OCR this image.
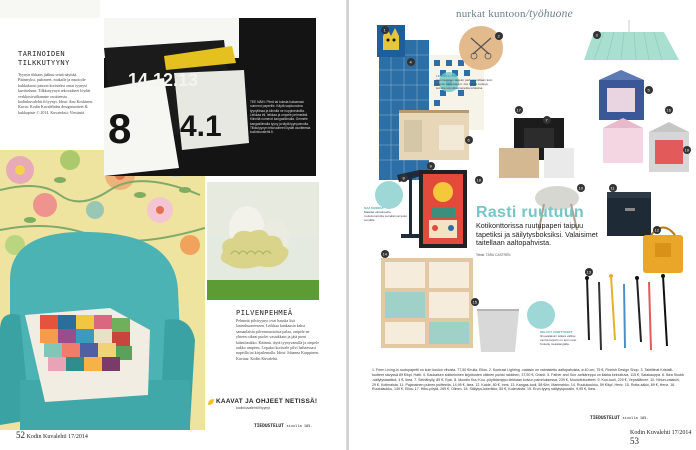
TARINOIDEN
TILKKUTYYNY
Tyynyn tikkaus jääkuu seinä näyttää. Päärmyksi, päärmeet, mukaile ja muotoile kukkakuosi pinoon koristeksi omat tyynysi kuvitteluun. Tilkkutyynyn tekovaiheet löydät verkkosivuiltamme osoitteesta kodinkuvalehti.fi/tyynyt. Ideat: Anu Koskinen. Kuvat: Kodin Kuvalehden designtuotteet & kukkapiste © 2014. Kuvateksti: Viestintä.
14.12.13
8 4.1
TEE NÄIN: Piirrä tai tulosta haluamasi numerot paperille. Käytä sapluunoina tyynyliinaa ja kiinnitä ne nuppineuloilla. Leikkaa irti, leikkaa ja ompele pehmeästi. Kiinnitä numerot kangasliimalla. Ommele kangasliimalla tyyny ja täytä tyynyvanulla. Tilkkutyynyn tekovaiheet löydät osoitteesta kodinkuvalehti.fi.
PILVENPEHMEÄ
Pehmeät pilvityynyt ovat hauska lisä lastenhuoneeseen. Leikkaa kankaasta kaksi samanlaista pilvenmuotoista palaa, ompele ne yhteen oikeat puolet vastakkain ja jätä pieni kääntöaukko. Käännä, täytä tyynyvanulla ja ompele aukko umpeen. Lopuksi koristele pilvi halutessasi napeilla tai kirjailemalla. Ideat: Johanna Karppinen. Kuvaus: Kodin Kuvalehti.
KAAVAT JA OHJEET NETISSÄ!
kodinkuvalehti.fi/tyynyt
TIEDUSTELUT sivulla 105.
52 Kodin Kuvalehti 17/2014
nurkat kuntoon/työhuone
1
2	3
4
5
6
7
8
9
10	11
12
13
14
15
16
17
18
19
LEIKKAA ITSE
Geometrinen tapetin parhaimmillaan kuin kaunis ruutupaperi. Jos haluat ruutuja, kokeile kiinnittää tapettia lohkoina.
SAA NOKKIA
Maalaa väriaineella ruutukuviointia seinään tai koko seinälle.
SELVÄT VÄRITYKSET
Ilmavalaisin/ lelkeä valitse vanha tarjotin on kuin uusi. Kokeile rautalangalla.
Rasti ruutuun
Kotikonttorissa ruutupaperi taipuu tapetiksi ja säilytysboksiksi. Valaisimet taitellaan aaltopahvista.
Teksti: TARU CASTRÉN
1. Ferm Living-in ruutupapetti on kuin koulun vihosta. 77,50 €/rulla, Ellos. 2. Kontrast Lighting -valaisin on valmistettu aaltopahvista, ø 40 cm, 75 €, Finnish Design Shop. 3. Tahtiliinat Kristalli-tuotteet sävyssä 89 €/kpl, Hatti. 4. Kaukaisen sokkeloinen kirjoitusten välinen purkki rakkinen, 37,90 €, Granit. 5. Father and Son -selkäreppu on ilakka keinottuva, 115 €, Salakauppa. 6. Ikea Skubb -säilytyslaatikot, 4 €, Ikea. 7. Seinähylly, 89 €, Epic. 8. Moodin Kuu Kuu -pöytälamppu kirkkaan koivun palveluksessa, 239 €, Muotoilutuotteet. 9. Kuu-tuoli, 229 €, Vepsäläinen. 10. Ninun-valaisin, 29 €, Kotimaista. 11. Pajanainen puinen puitteella, 14,95 €, Ikea. 12. Kaide, 80 €, Inmi. 13. Kangas-tuoli, 58 €/m, Marimekko. 14. Ruutukoukku, 59 €/kpl, Heriz. 15. Rotta-säkki, 89 €, Heriz. 16. Ruutulaukku, 149 €, Ellos. 17. Hibu-pöytä, 269 €, Olimm. 18. Säilytys-lokerikko, 55 €, Kotimaista. 19. Eron-tyyny säilytyspussiin, 9,95 €, Ikea.
TIEDUSTELUT sivulla 105.
Kodin Kuvalehti 17/2014 53
